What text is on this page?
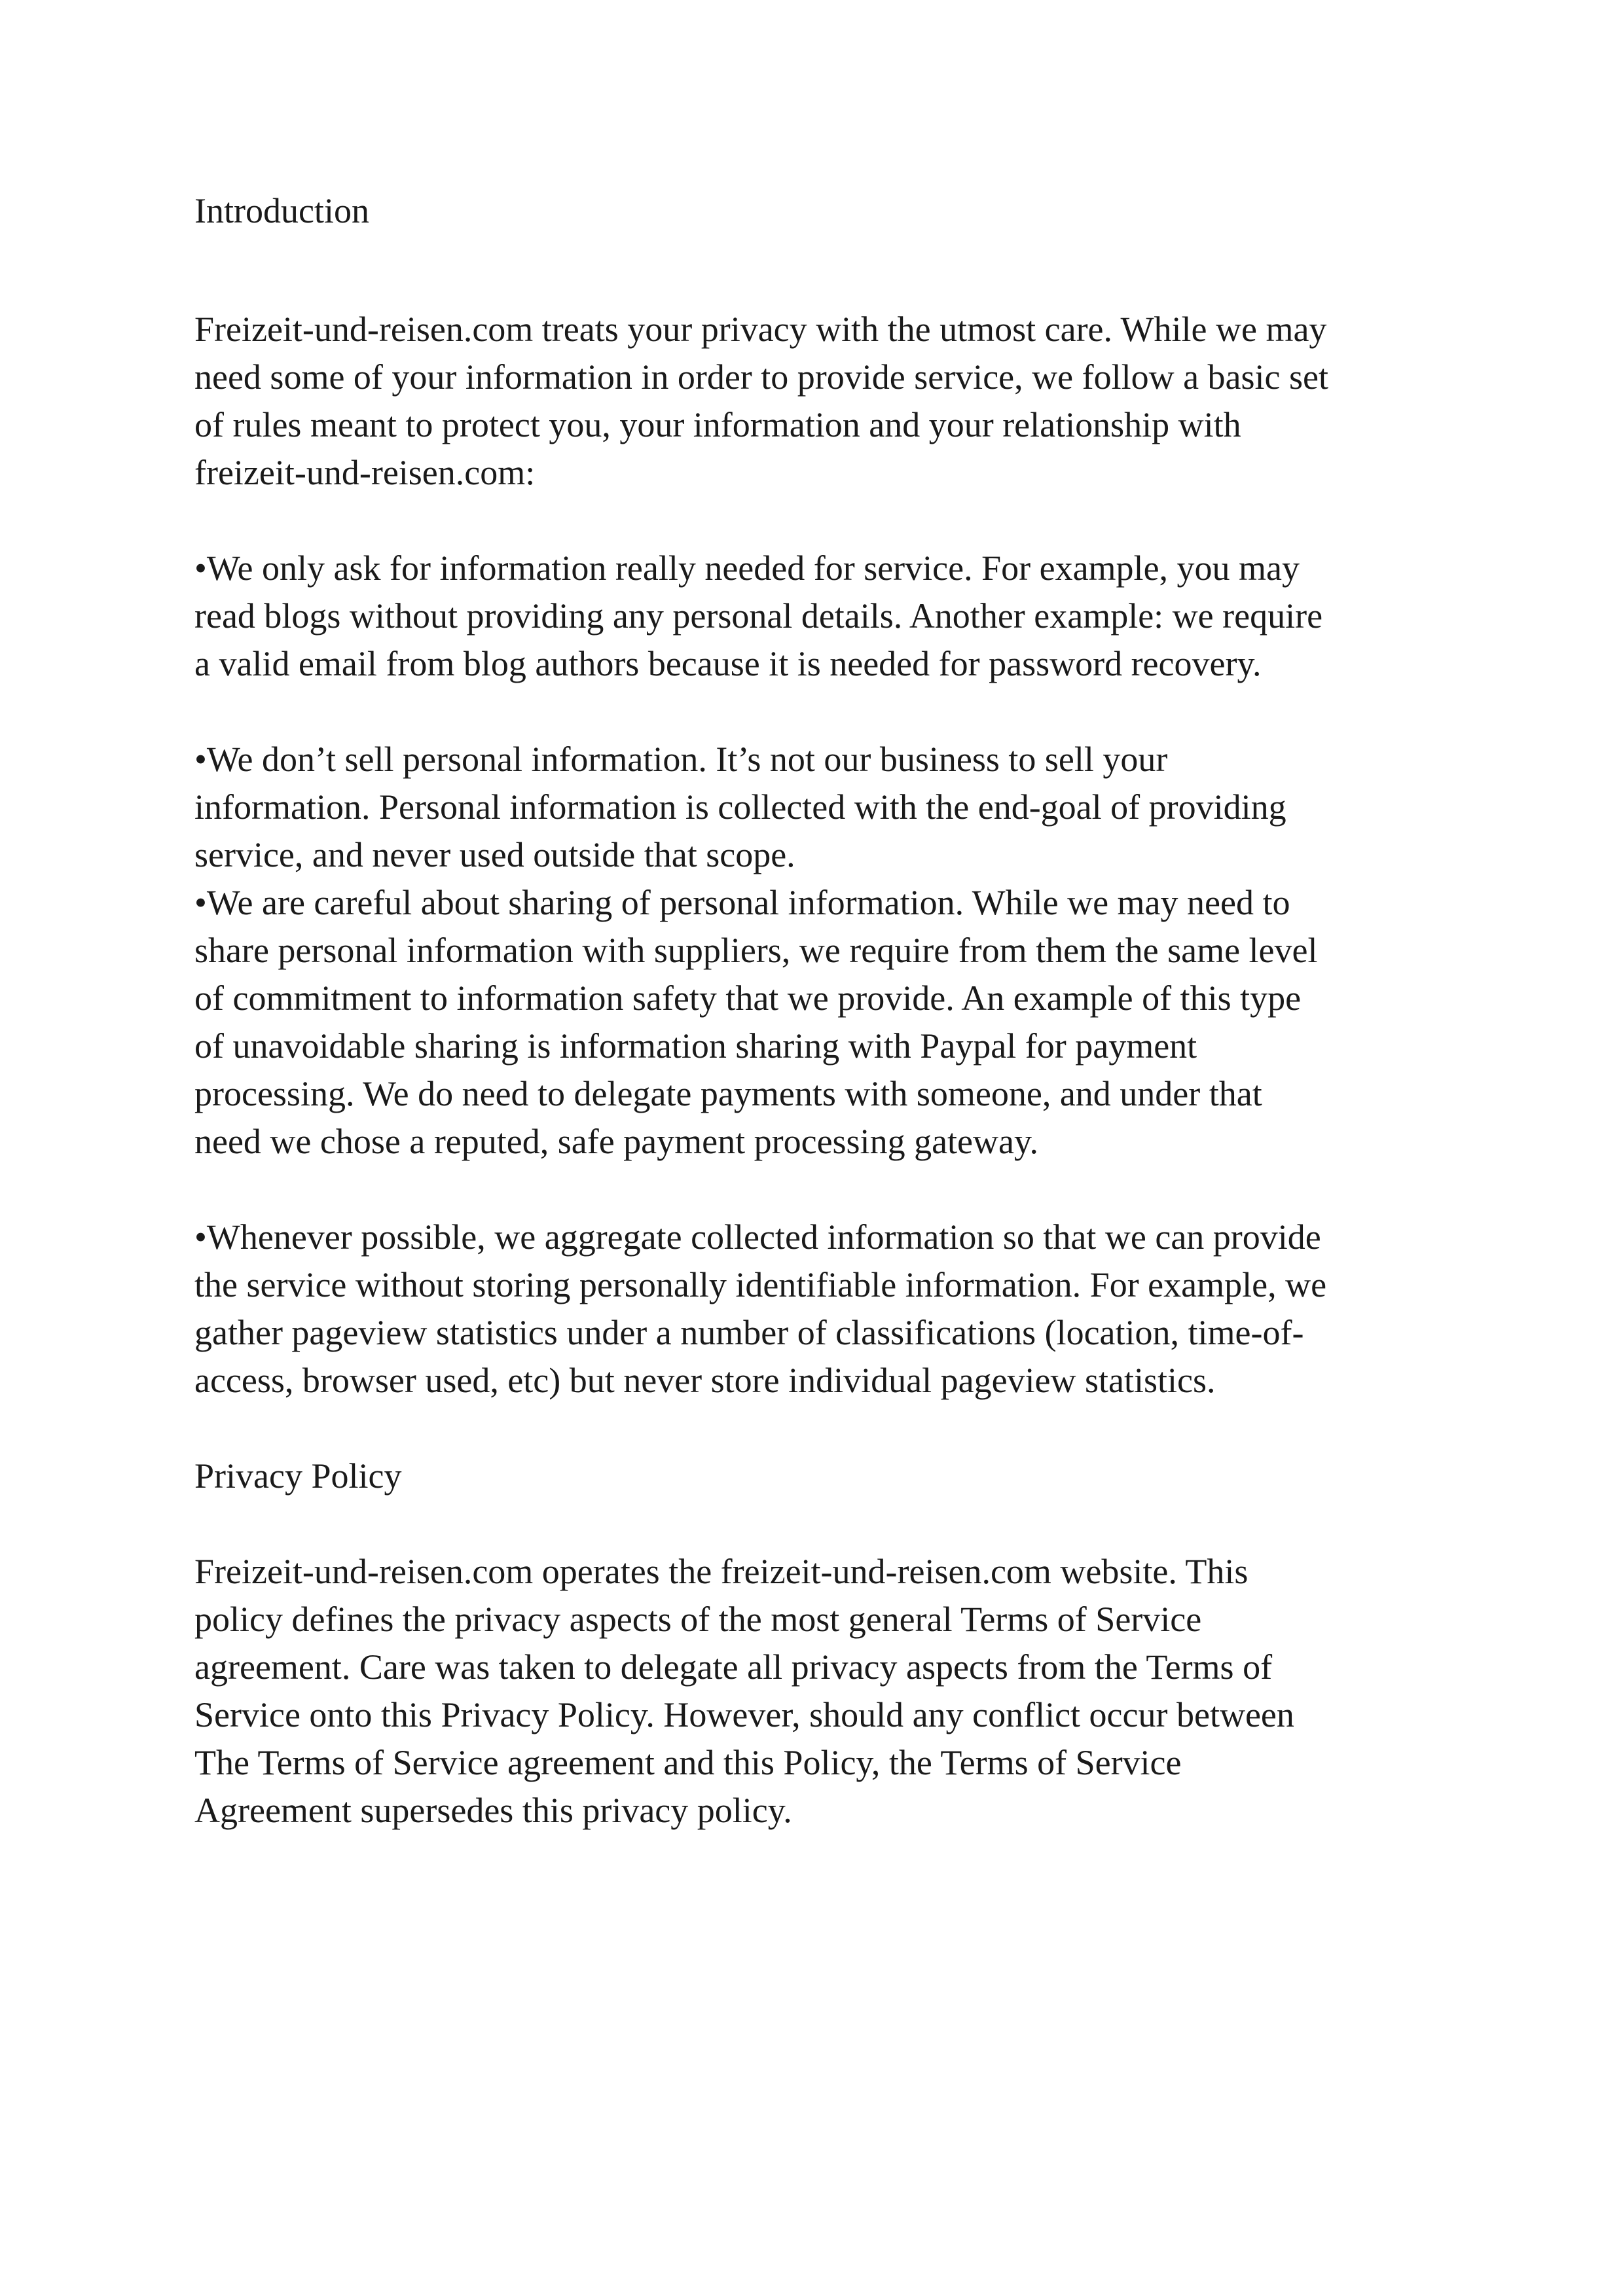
Introduction

Freizeit-und-reisen.com treats your privacy with the utmost care. While we may
need some of your information in order to provide service, we follow a basic set
of rules meant to protect you, your information and your relationship with
freizeit-und-reisen.com:

•We only ask for information really needed for service. For example, you may
read blogs without providing any personal details. Another example: we require
a valid email from blog authors because it is needed for password recovery.

•We don’t sell personal information. It’s not our business to sell your
information. Personal information is collected with the end-goal of providing
service, and never used outside that scope.

•We are careful about sharing of personal information. While we may need to
share personal information with suppliers, we require from them the same level
of commitment to information safety that we provide. An example of this type
of unavoidable sharing is information sharing with Paypal for payment
processing. We do need to delegate payments with someone, and under that
need we chose a reputed, safe payment processing gateway.

•Whenever possible, we aggregate collected information so that we can provide
the service without storing personally identifiable information. For example, we
gather pageview statistics under a number of classifications (location, time-of-
access, browser used, etc) but never store individual pageview statistics.

Privacy Policy

Freizeit-und-reisen.com operates the freizeit-und-reisen.com website. This
policy defines the privacy aspects of the most general Terms of Service
agreement. Care was taken to delegate all privacy aspects from the Terms of
Service onto this Privacy Policy. However, should any conflict occur between
The Terms of Service agreement and this Policy, the Terms of Service
Agreement supersedes this privacy policy.
